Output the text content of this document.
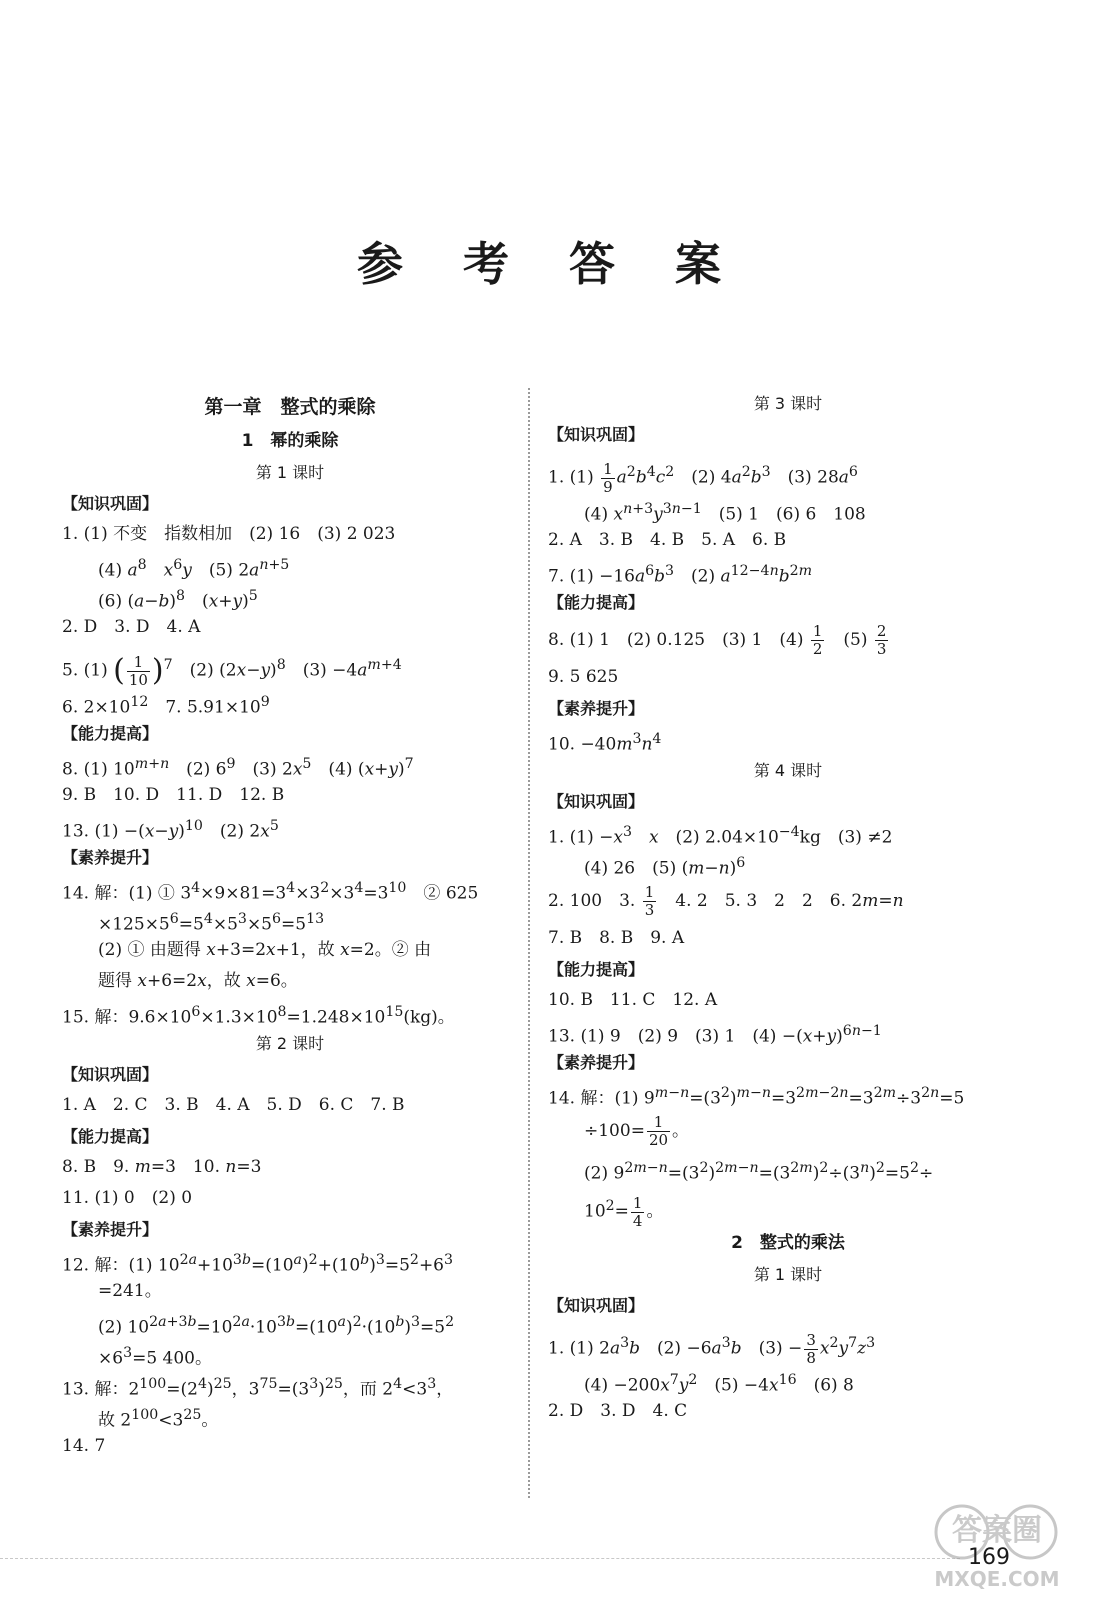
参 考 答 案
第一章　整式的乘除
1　幂的乘除
第 1 课时
【知识巩固】
1. (1) 不变　指数相加　(2) 16　(3) 2 023
(4) $a^8$　 $x^6y$　(5) $2a^{n+5}$
(6) $(a-b)^8$　$(x+y)^5$
2. D　3. D　4. A
5. (1) ( $\frac{1}{10} )^7$　(2) $(2x-y)^8$　$(3) -4a^{m+4}$
6. $2\times 10^{12}$　7. $5.91\times 10^9$
【能力提高】
8. (1) $10^{m+n}$　(2) $6^9$　(3) $2x^5$　(4) $(x+y)^7$
9. B　10. D　11. D　12. B
13. $(1) -(x-y)^{10}$　(2) $2x^5$
【素养提升】
14. 解：(1) ① $3^4\times 9\times 81=3^4\times 3^2\times 3^4=3^{10}$　② 625
$\times 125\times 5^6=5^4\times 5^3\times 5^6=5^{13}$
(2) ① 由题得 x+3=2x+1，故 x=2。② 由
题得 x+6=2x，故 x=6。
15. 解：$9.6\times 10^6\times 1.3\times 10^8=1.248\times 10^{15}(kg)$。
第 2 课时
【知识巩固】
1. A　2. C　3. B　4. A　5. D　6. C　7. B
【能力提高】
8. B　9. m=3　10. n=3
11. (1) 0　(2) 0
【素养提升】
12. 解：(1) $10^{2a}+10^{3b}=(10^a)^2+(10^b)^3=5^2+6^3$
=241。
(2) $10^{2a+3b}=10^{2a}\cdot 10^{3b}=(10^a)^2\cdot(10^b)^3=5^2$
$\times 6^3=5$ 400。
13. 解：$2^{100}=(2^4)^{25}$，$3^{75}=(3^3)^{25}$，而 $2^4<3^3$，
故 $2^{100}<3^{25}$。
14. 7
第 3 课时
【知识巩固】
1. $(1) \frac{1}{9} a^2b^4c^2$　(2) $4a^2b^3$　(3) $28a^6$
(4) $x^{n+3}y^{3n-1}$　(5) 1　(6) 6　108
2. A　3. B　4. B　5. A　6. B
7. $(1) -16a^6b^3$　(2) $a^{12-4n}b^{2m}$
【能力提高】
8. (1) 1　(2) 0.125　(3) 1　$(4) \frac{1}{2}$ 　$(5) \frac{2}{3}$
9. 5 625
【素养提升】
10. $-40m^3n^4$
第 4 课时
【知识巩固】
1. $(1) -x^3$　 x　(2) $2.04\times 10^{-4}kg$　(3) ≠2
(4) 26　(5) $(m-n)^6$
2. 100　3. $\frac{1}{3}$ 　4. 2　5. 3　2　2　6. 2m=n
7. B　8. B　9. A
【能力提高】
10. B　11. C　12. A
13. (1) 9　(2) 9　(3) 1　$(4) -(x+y)^{6n-1}$
【素养提升】
14. 解：(1) $9^{m-n}=(3^2)^{m-n}=3^{2m-2n}=3^{2m}\div 3^{2n}=5$
$\div 100= \frac{1}{20}$ 。
(2) $9^{2m-n}=(3^2)^{2m-n}=(3^{2m})^2\div(3^n)^2=5^2\div$
$10^2= \frac{1}{4}$ 。
2　整式的乘法
第 1 课时
【知识巩固】
1. (1) $2a^3b$　$(2) -6a^3b$　$(3) - \frac{3}{8} x^2y^7z^3$
$(4) -200x^7y^2$　$(5) -4x^{16}$　(6) 8
2. D　3. D　4. C
答案圈
MXQE.COM
169
